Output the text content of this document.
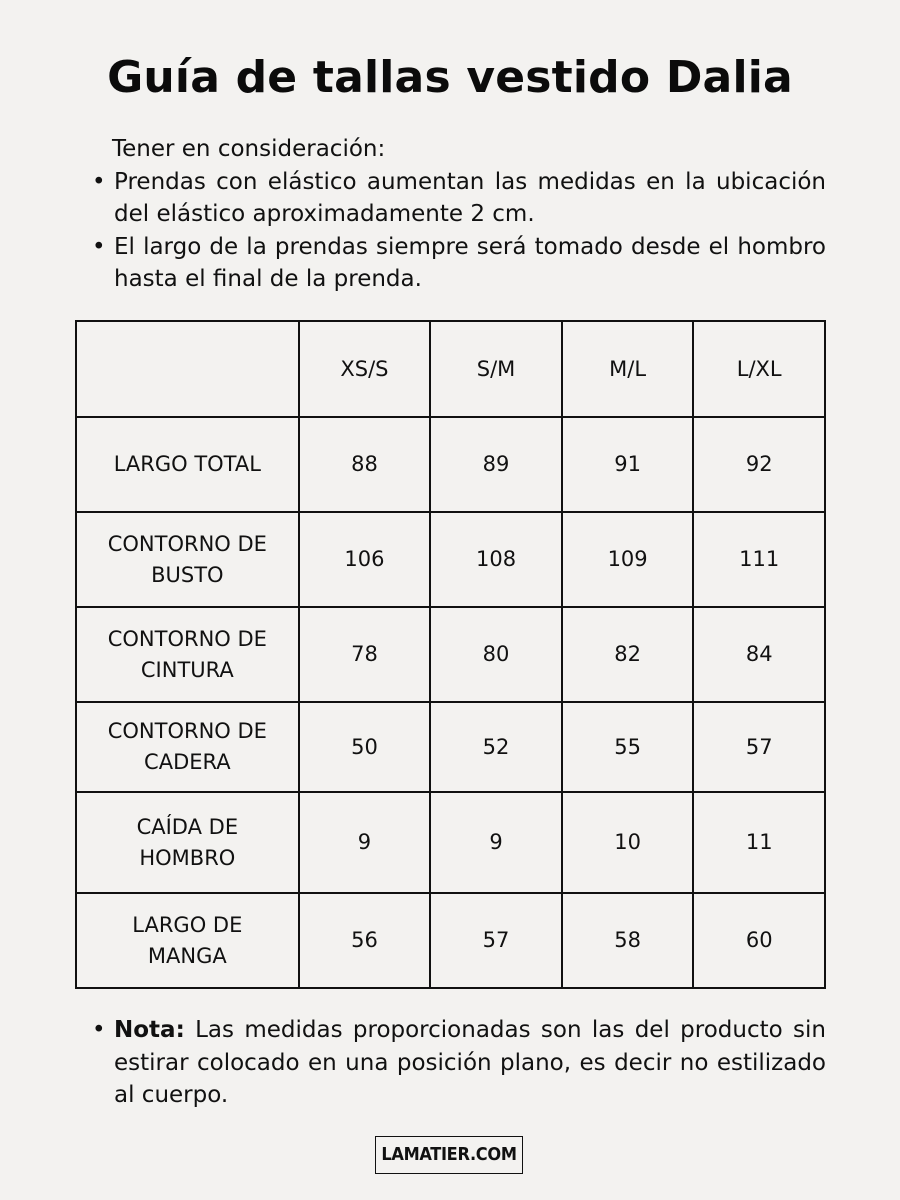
Guía de tallas vestido Dalia
Tener en consideración:
• Prendas con elástico aumentan las medidas en la ubicación del elástico aproximadamente 2 cm.
• El largo de la prendas siempre será tomado desde el hombro hasta el final de la prenda.
	XS/S	S/M	M/L	L/XL
LARGO TOTAL	88	89	91	92
CONTORNO DE
BUSTO	106	108	109	111
CONTORNO DE
CINTURA	78	80	82	84
CONTORNO DE
CADERA	50	52	55	57
CAÍDA DE
HOMBRO	9	9	10	11
LARGO DE
MANGA	56	57	58	60

• Nota: Las medidas proporcionadas son las del producto sin estirar colocado en una posición plano, es decir no estilizado al cuerpo.

LAMATIER.COM
